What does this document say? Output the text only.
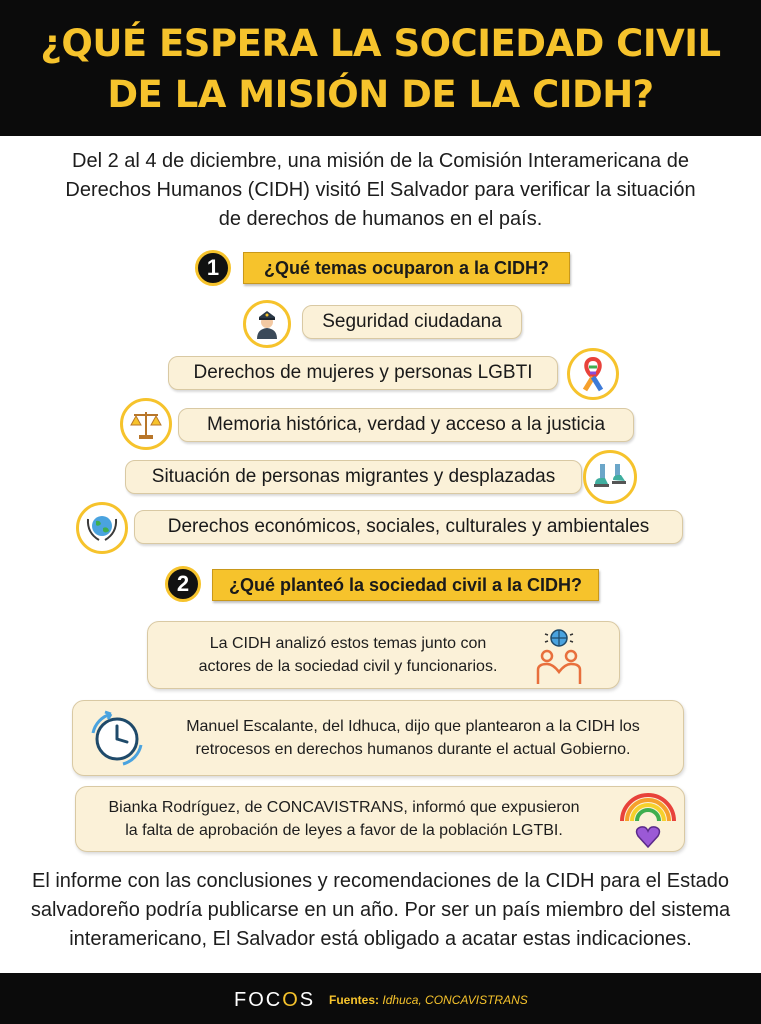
¿QUÉ ESPERA LA SOCIEDAD CIVIL
DE LA MISIÓN DE LA CIDH?
Del 2 al 4 de diciembre, una misión de la Comisión Interamericana de
Derechos Humanos (CIDH) visitó El Salvador para verificar la situación
de derechos de humanos en el país.
1	¿Qué temas ocuparon a la CIDH?
Seguridad ciudadana
Derechos de mujeres y personas LGBTI
Memoria histórica, verdad y acceso a la justicia
Situación de personas migrantes y desplazadas
Derechos económicos, sociales, culturales y ambientales
2	¿Qué planteó la sociedad civil a la CIDH?
La CIDH analizó estos temas junto con
actores de la sociedad civil y funcionarios.
Manuel Escalante, del Idhuca, dijo que plantearon a la CIDH los
retrocesos en derechos humanos durante el actual Gobierno.
Bianka Rodríguez, de CONCAVISTRANS, informó que expusieron
la falta de aprobación de leyes a favor de la población LGTBI.
El informe con las conclusiones y recomendaciones de la CIDH para el Estado
salvadoreño podría publicarse en un año. Por ser un país miembro del sistema
interamericano, El Salvador está obligado a acatar estas indicaciones.
FOCOS Fuentes: Idhuca, CONCAVISTRANS
